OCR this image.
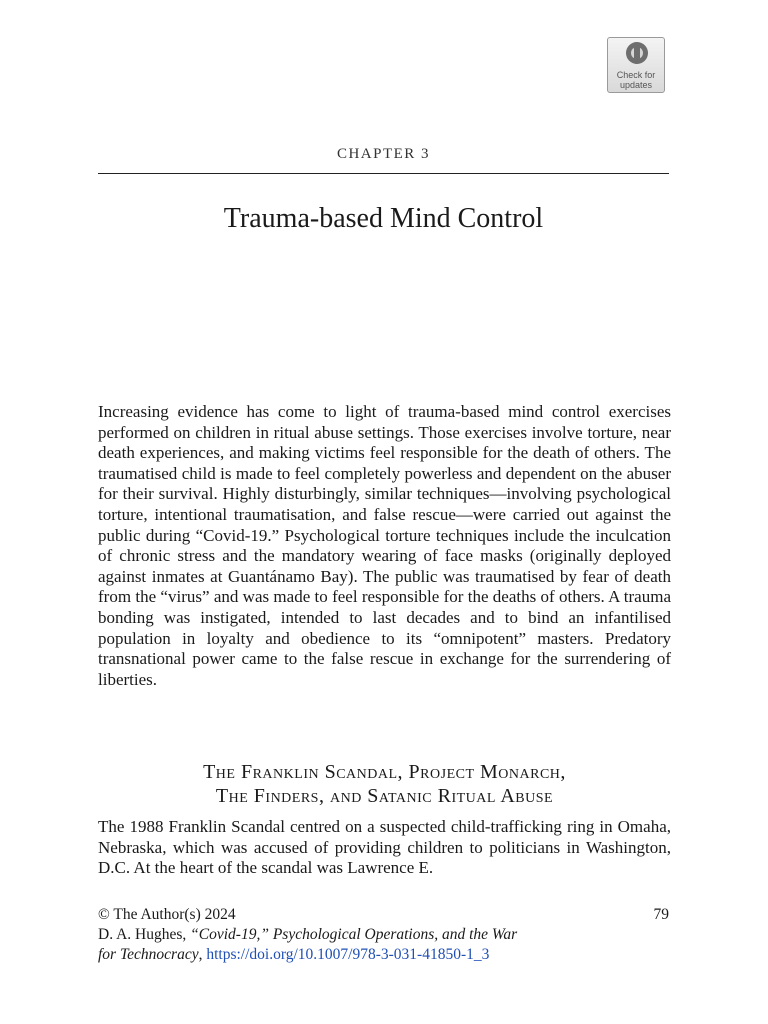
Check for
updates
CHAPTER 3
Trauma-based Mind Control

Increasing evidence has come to light of trauma-based mind control exercises performed on children in ritual abuse settings. Those exercises involve torture, near death experiences, and making victims feel responsible for the death of others. The traumatised child is made to feel completely powerless and dependent on the abuser for their survival. Highly disturbingly, similar techniques—involving psychological torture, intentional traumatisation, and false rescue—were carried out against the public during “Covid-19.” Psychological torture techniques include the inculcation of chronic stress and the mandatory wearing of face masks (originally deployed against inmates at Guantánamo Bay). The public was traumatised by fear of death from the “virus” and was made to feel responsible for the deaths of others. A trauma bonding was instigated, intended to last decades and to bind an infantilised population in loyalty and obedience to its “omnipotent” masters. Predatory transnational power came to the false rescue in exchange for the surrendering of liberties.

The Franklin Scandal, Project Monarch,
The Finders, and Satanic Ritual Abuse

The 1988 Franklin Scandal centred on a suspected child-trafficking ring in Omaha, Nebraska, which was accused of providing children to politicians in Washington, D.C. At the heart of the scandal was Lawrence E.

© The Author(s) 2024	79
D. A. Hughes, “Covid-19,” Psychological Operations, and the War
for Technocracy, https://doi.org/10.1007/978-3-031-41850-1_3
